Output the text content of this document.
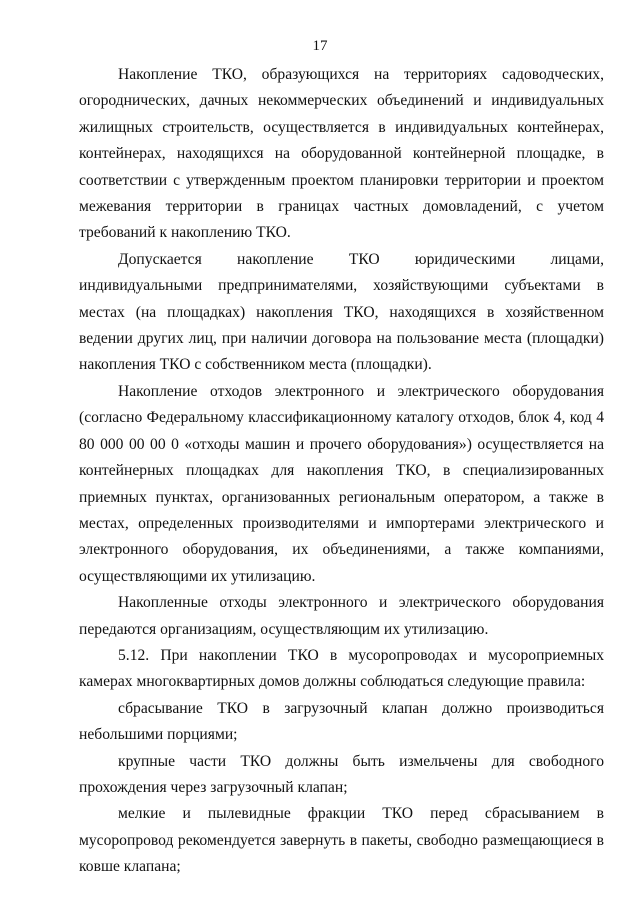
17

Накопление ТКО, образующихся на территориях садоводческих, огороднических, дачных некоммерческих объединений и индивидуальных жилищных строительств, осуществляется в индивидуальных контейнерах, контейнерах, находящихся на оборудованной контейнерной площадке, в соответствии с утвержденным проектом планировки территории и проектом межевания территории в границах частных домовладений, с учетом требований к накоплению ТКО.

Допускается накопление ТКО юридическими лицами, индивидуальными предпринимателями, хозяйствующими субъектами в местах (на площадках) накопления ТКО, находящихся в хозяйственном ведении других лиц, при наличии договора на пользование места (площадки) накопления ТКО с собственником места (площадки).

Накопление отходов электронного и электрического оборудования (согласно Федеральному классификационному каталогу отходов, блок 4, код 4 80 000 00 00 0 «отходы машин и прочего оборудования») осуществляется на контейнерных площадках для накопления ТКО, в специализированных приемных пунктах, организованных региональным оператором, а также в местах, определенных производителями и импортерами электрического и электронного оборудования, их объединениями, а также компаниями, осуществляющими их утилизацию.

Накопленные отходы электронного и электрического оборудования передаются организациям, осуществляющим их утилизацию.

5.12. При накоплении ТКО в мусоропроводах и мусороприемных камерах многоквартирных домов должны соблюдаться следующие правила:

сбрасывание ТКО в загрузочный клапан должно производиться небольшими порциями;

крупные части ТКО должны быть измельчены для свободного прохождения через загрузочный клапан;

мелкие и пылевидные фракции ТКО перед сбрасыванием в мусоропровод рекомендуется завернуть в пакеты, свободно размещающиеся в ковше клапана;
